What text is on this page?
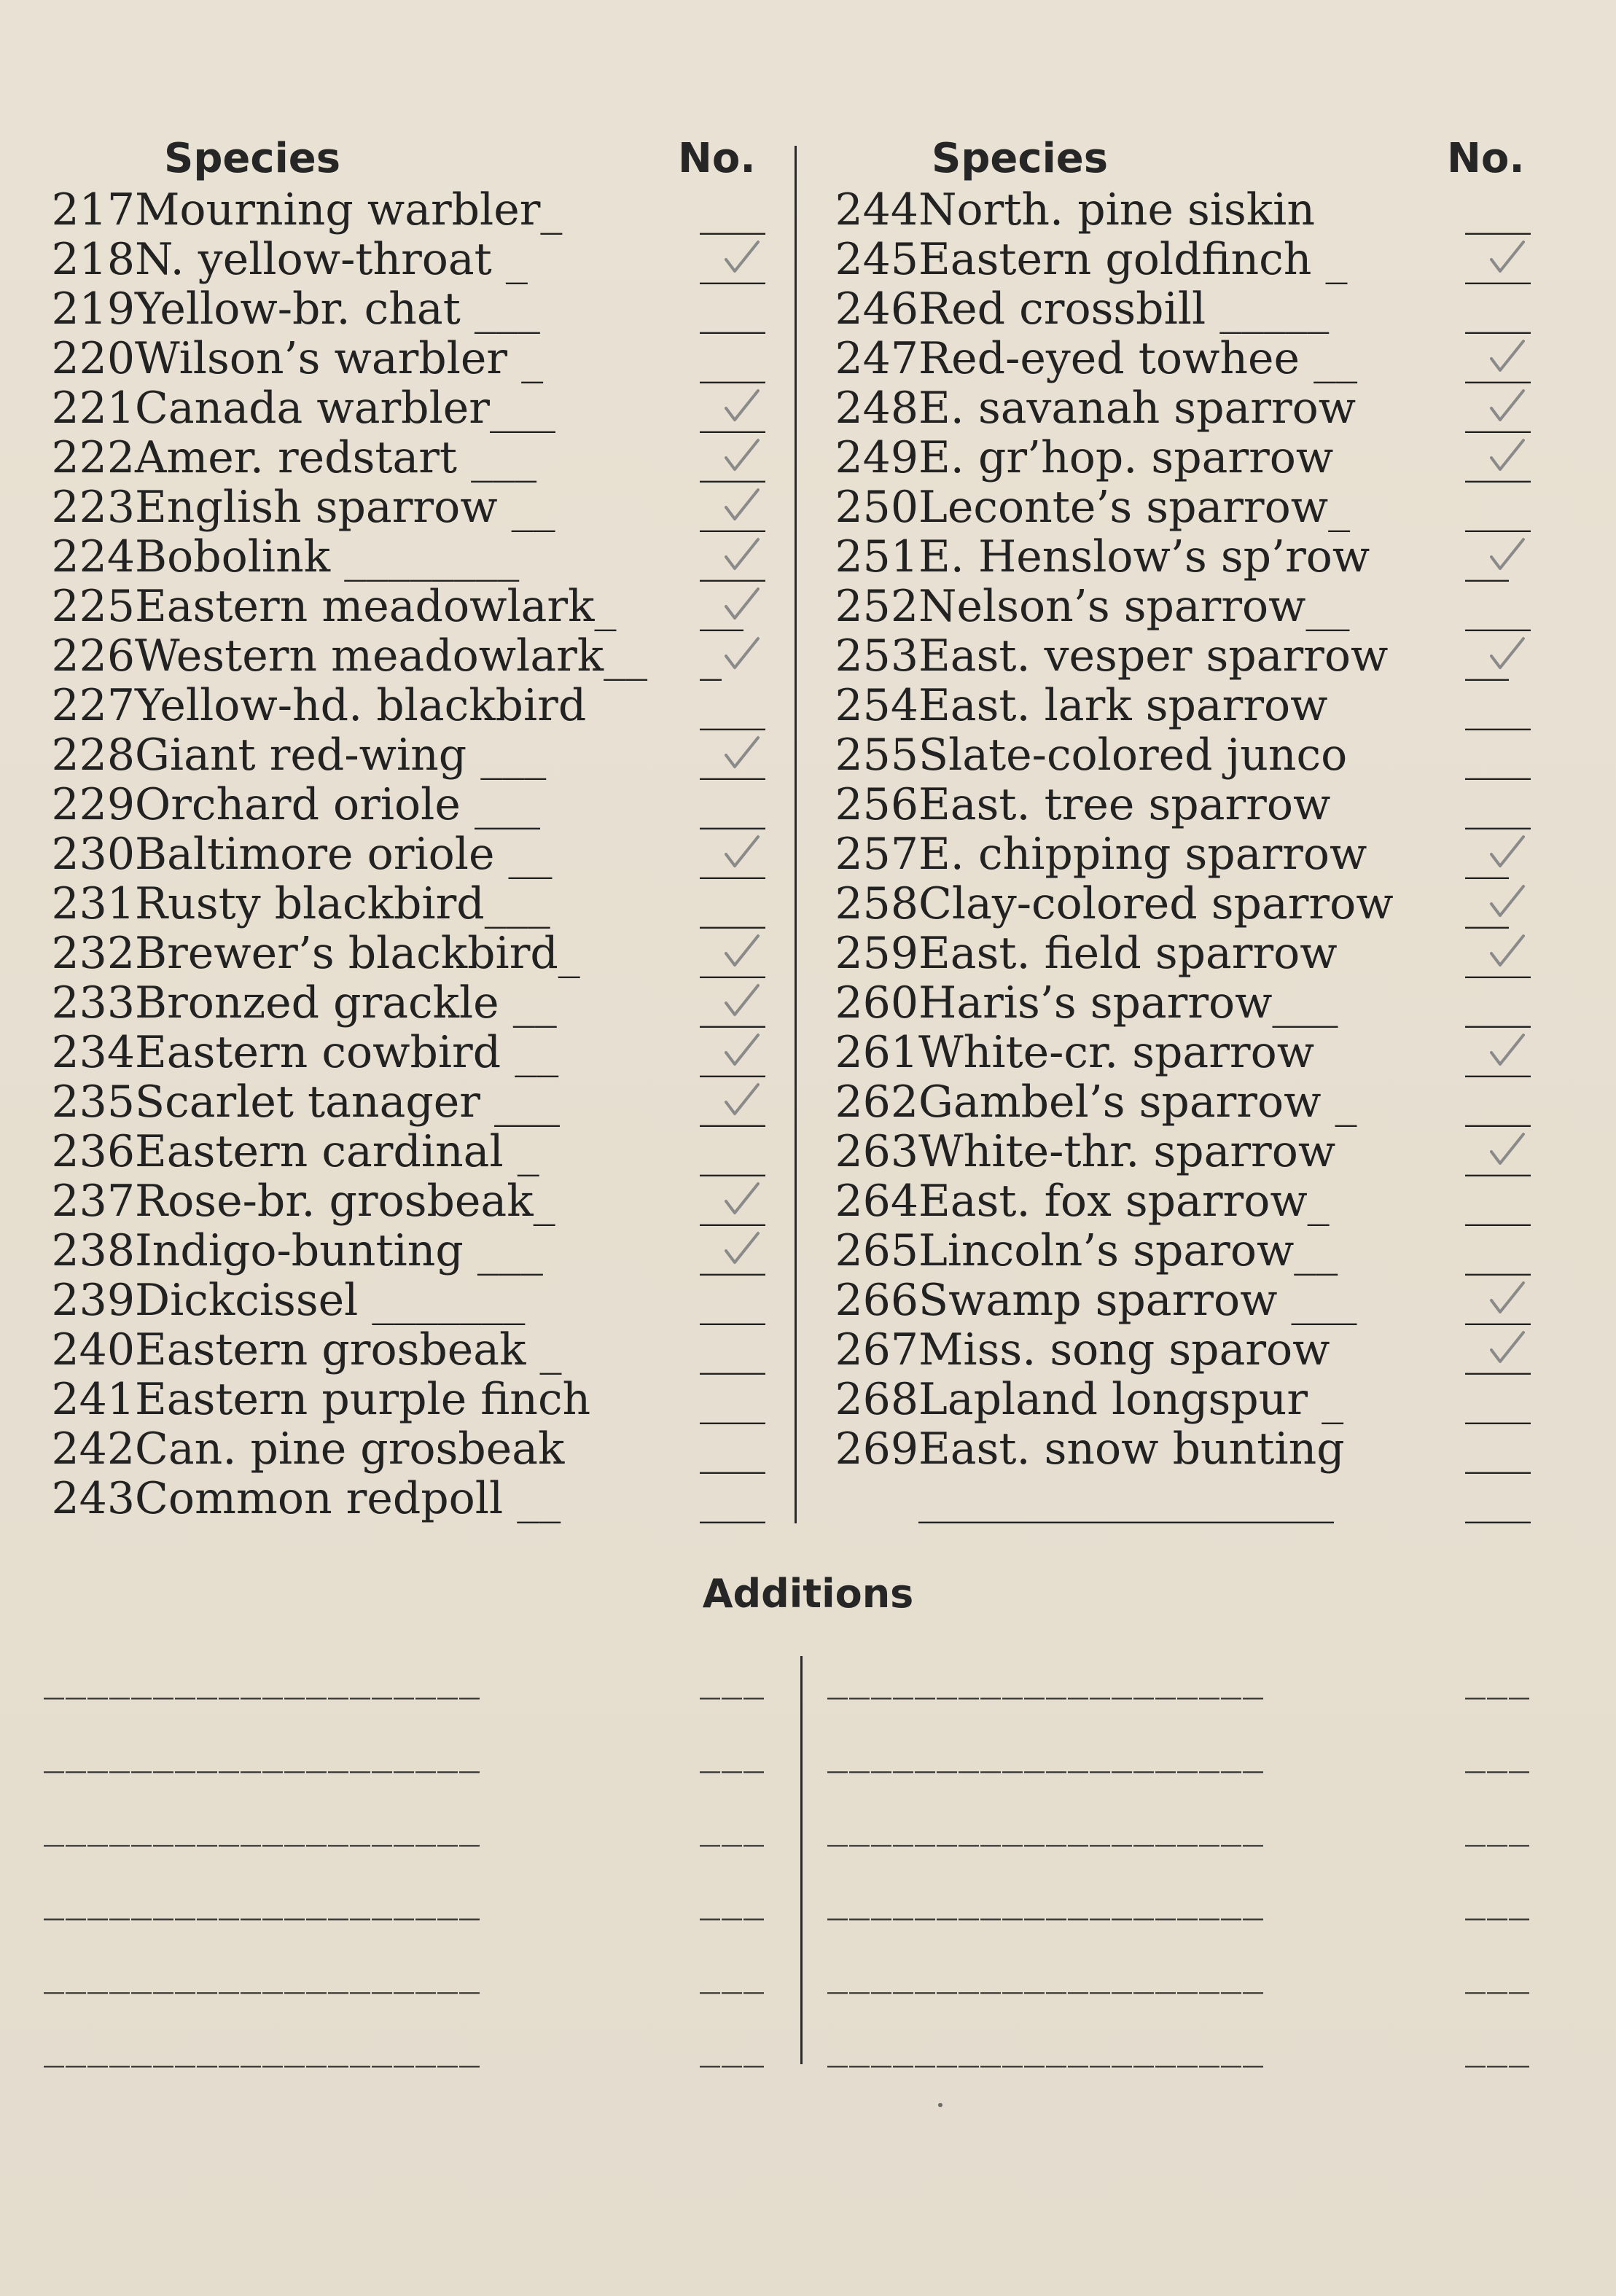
Species	No.	Species	No.
217 Mourning warbler_	___
218 N. yellow-throat _	___
219 Yellow-br. chat ___	___
220 Wilson’s warbler _	___
221 Canada warbler___	___
222 Amer. redstart ___	___
223 English sparrow __	___
224 Bobolink ________	___
225 Eastern meadowlark_ __
226 Western meadowlark__ _
227 Yellow-hd. blackbird	___
228 Giant red-wing ___	___
229 Orchard oriole ___	___
230 Baltimore oriole __	___
231 Rusty blackbird___	___
232 Brewer’s blackbird_	___
233 Bronzed grackle __	___
234 Eastern cowbird __	___
235 Scarlet tanager ___	___
236 Eastern cardinal _	___
237 Rose-br. grosbeak_	___
238 Indigo-bunting ___	___
239 Dickcissel _______	___
240 Eastern grosbeak _	___
241 Eastern purple finch ___
242 Can. pine grosbeak	___
243 Common redpoll __	___
244 North. pine siskin	___
245 Eastern goldfinch _	___
246 Red crossbill _____	___
247 Red-eyed towhee __ ___
248 E. savanah sparrow ___
249 E. gr’hop. sparrow	___
250 Leconte’s sparrow_	___
251 E. Henslow’s sp’row __
252 Nelson’s sparrow__	___
253 East. vesper sparrow __
254 East. lark sparrow	___
255 Slate-colored junco	___
256 East. tree sparrow	___
257 E. chipping sparrow __
258 Clay-colored sparrow __
259 East. field sparrow	___
260 Haris’s sparrow___	___
261 White-cr. sparrow	___
262 Gambel’s sparrow _ ___
263 White-thr. sparrow	___
264 East. fox sparrow_	___
265 Lincoln’s sparow__	___
266 Swamp sparrow ___ ___
267 Miss. song sparow	___
268 Lapland longspur _	___
269 East. snow bunting	___
___________________	___
Additions
____________________	___ ____________________	___
____________________	___ ____________________	___
____________________	___ ____________________	___
____________________	___ ____________________	___
____________________	___ ____________________	___
____________________	___ ____________________	___
